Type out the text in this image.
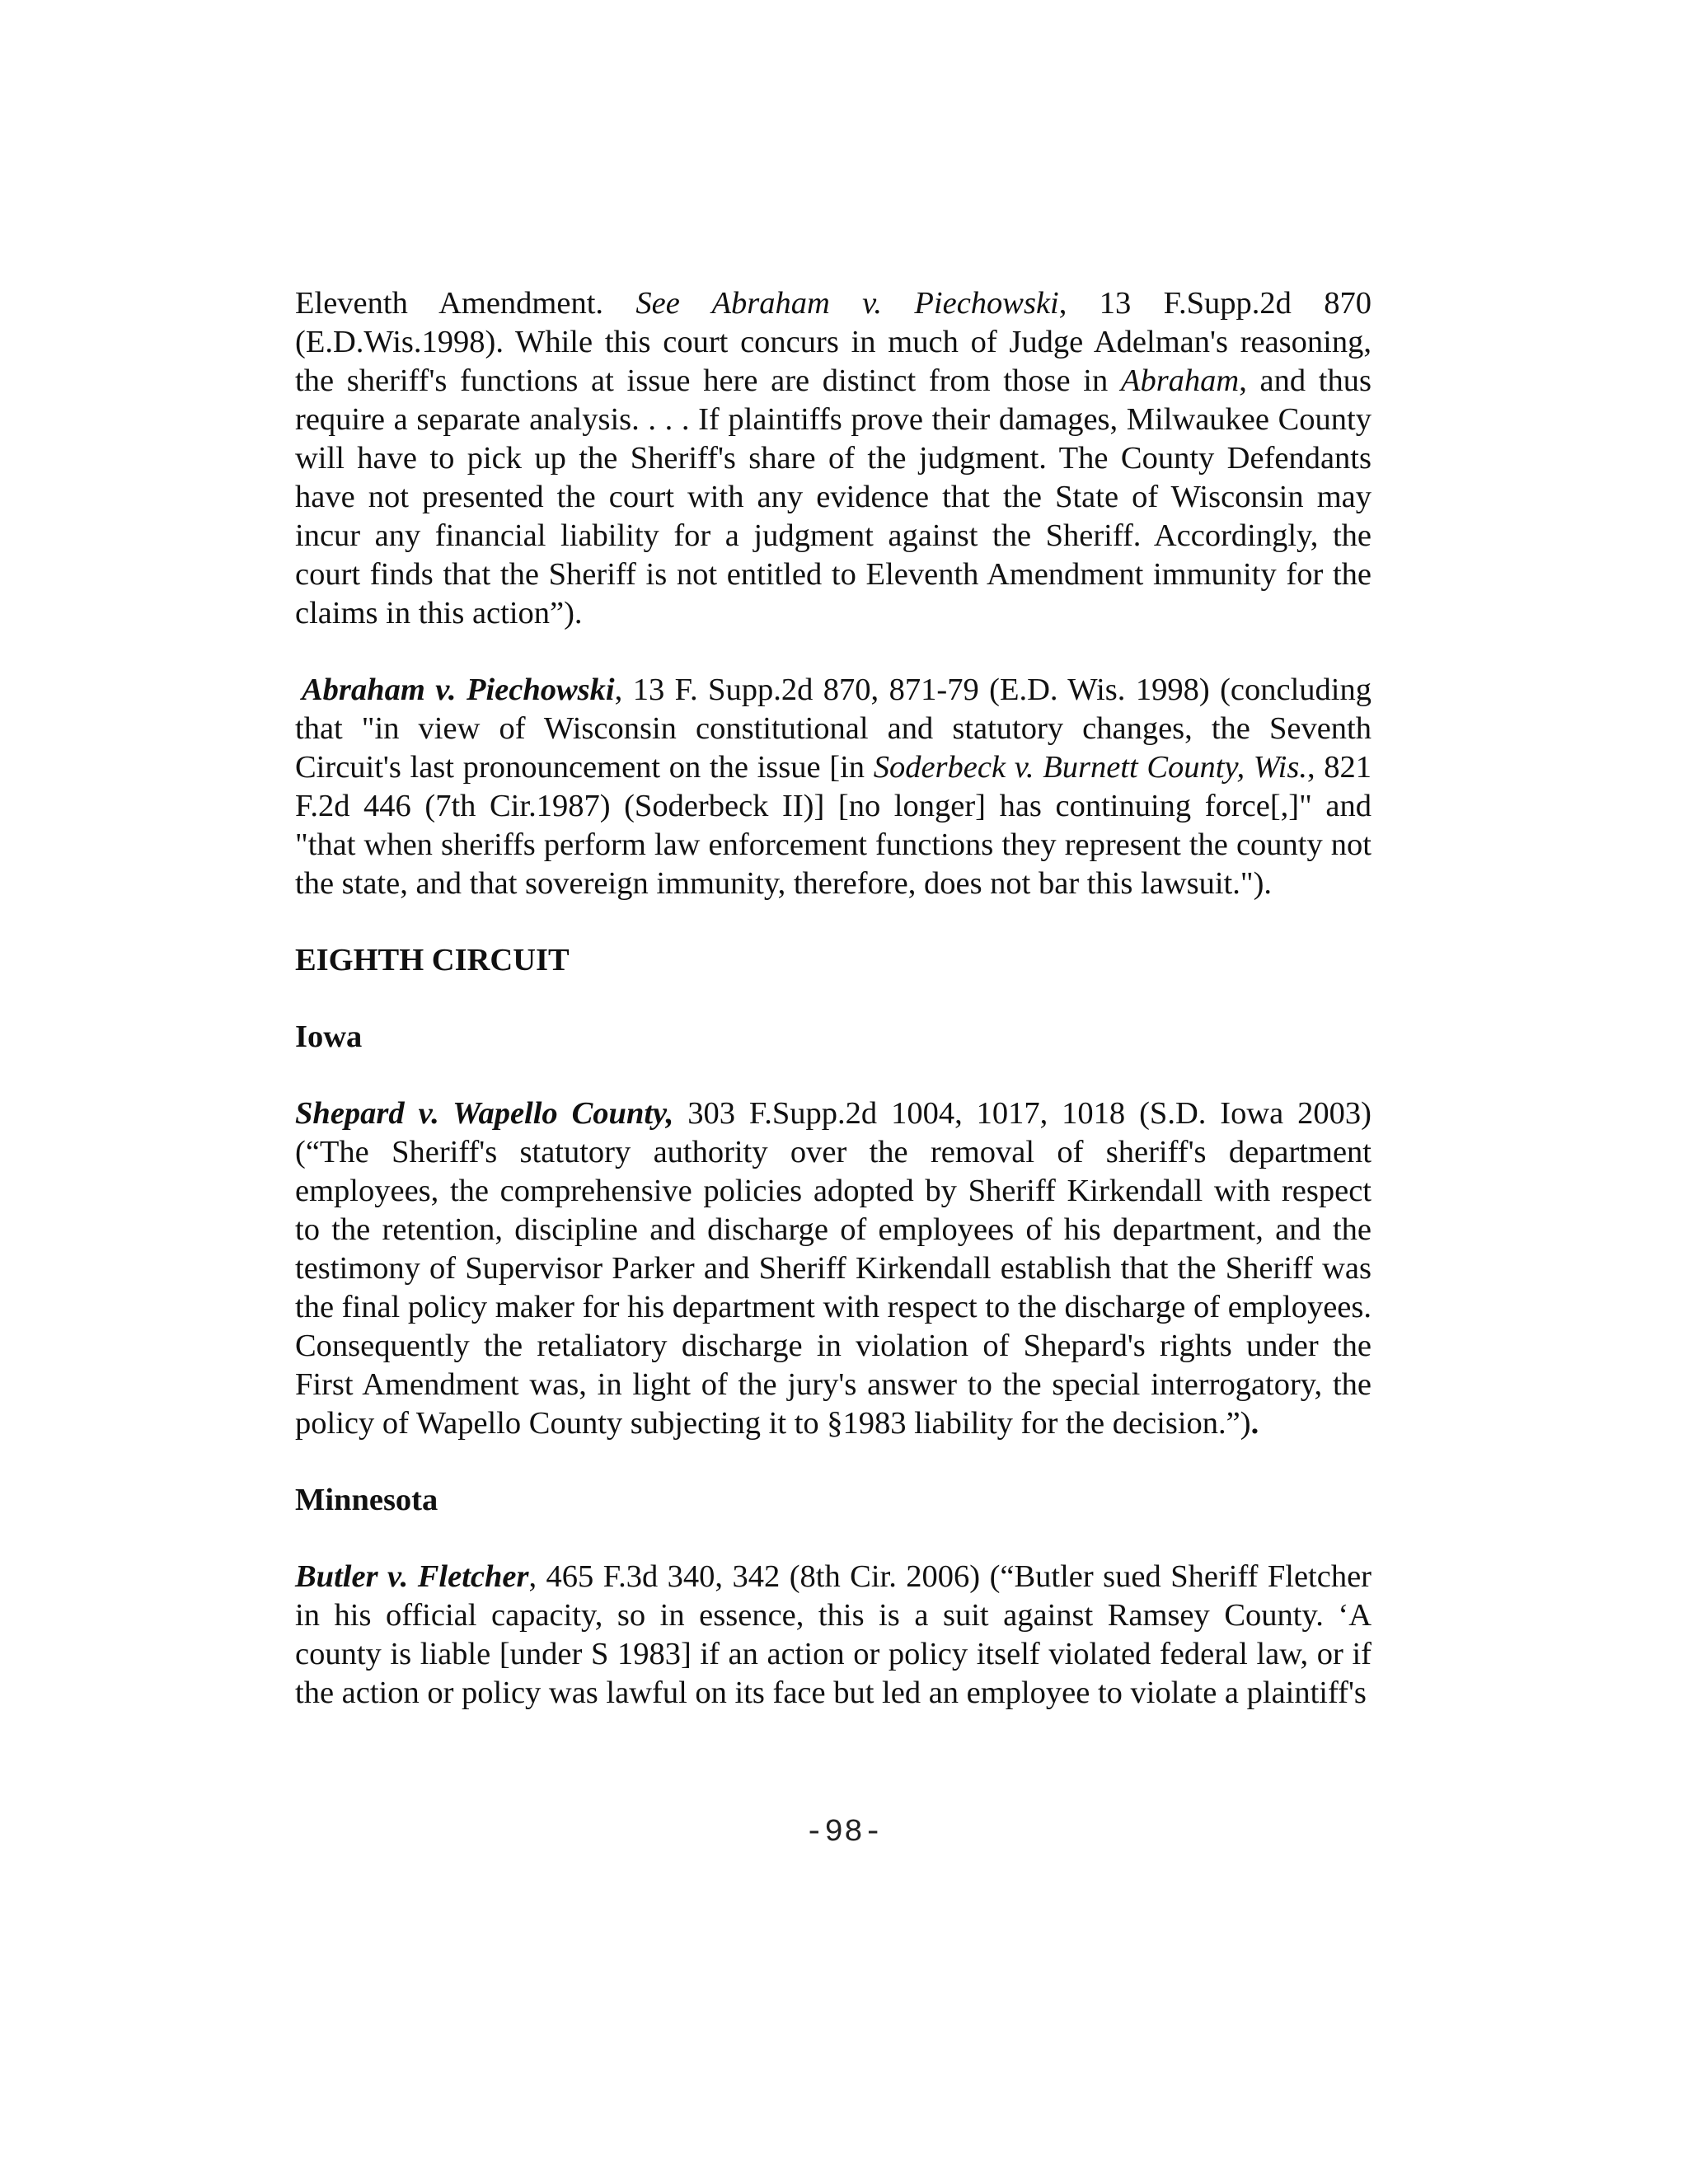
Eleventh Amendment. See Abraham v. Piechowski, 13 F.Supp.2d 870 (E.D.Wis.1998). While this court concurs in much of Judge Adelman's reasoning, the sheriff's functions at issue here are distinct from those in Abraham, and thus require a separate analysis. . . . If plaintiffs prove their damages, Milwaukee County will have to pick up the Sheriff's share of the judgment. The County Defendants have not presented the court with any evidence that the State of Wisconsin may incur any financial liability for a judgment against the Sheriff. Accordingly, the court finds that the Sheriff is not entitled to Eleventh Amendment immunity for the claims in this action”).

Abraham v. Piechowski, 13 F. Supp.2d 870, 871-79 (E.D. Wis. 1998) (concluding that "in view of Wisconsin constitutional and statutory changes, the Seventh Circuit's last pronouncement on the issue [in Soderbeck v. Burnett County, Wis., 821 F.2d 446 (7th Cir.1987) (Soderbeck II)] [no longer] has continuing force[,]" and "that when sheriffs perform law enforcement functions they represent the county not the state, and that sovereign immunity, therefore, does not bar this lawsuit.").

EIGHTH CIRCUIT
Iowa

Shepard v. Wapello County, 303 F.Supp.2d 1004, 1017, 1018 (S.D. Iowa 2003) (“The Sheriff's statutory authority over the removal of sheriff's department employees, the comprehensive policies adopted by Sheriff Kirkendall with respect to the retention, discipline and discharge of employees of his department, and the testimony of Supervisor Parker and Sheriff Kirkendall establish that the Sheriff was the final policy maker for his department with respect to the discharge of employees. Consequently the retaliatory discharge in violation of Shepard's rights under the First Amendment was, in light of the jury's answer to the special interrogatory, the policy of Wapello County subjecting it to §1983 liability for the decision.”).

Minnesota

Butler v. Fletcher, 465 F.3d 340, 342 (8th Cir. 2006) (“Butler sued Sheriff Fletcher in his official capacity, so in essence, this is a suit against Ramsey County. ‘A county is liable [under S 1983] if an action or policy itself violated federal law, or if the action or policy was lawful on its face but led an employee to violate a plaintiff's

-98-
